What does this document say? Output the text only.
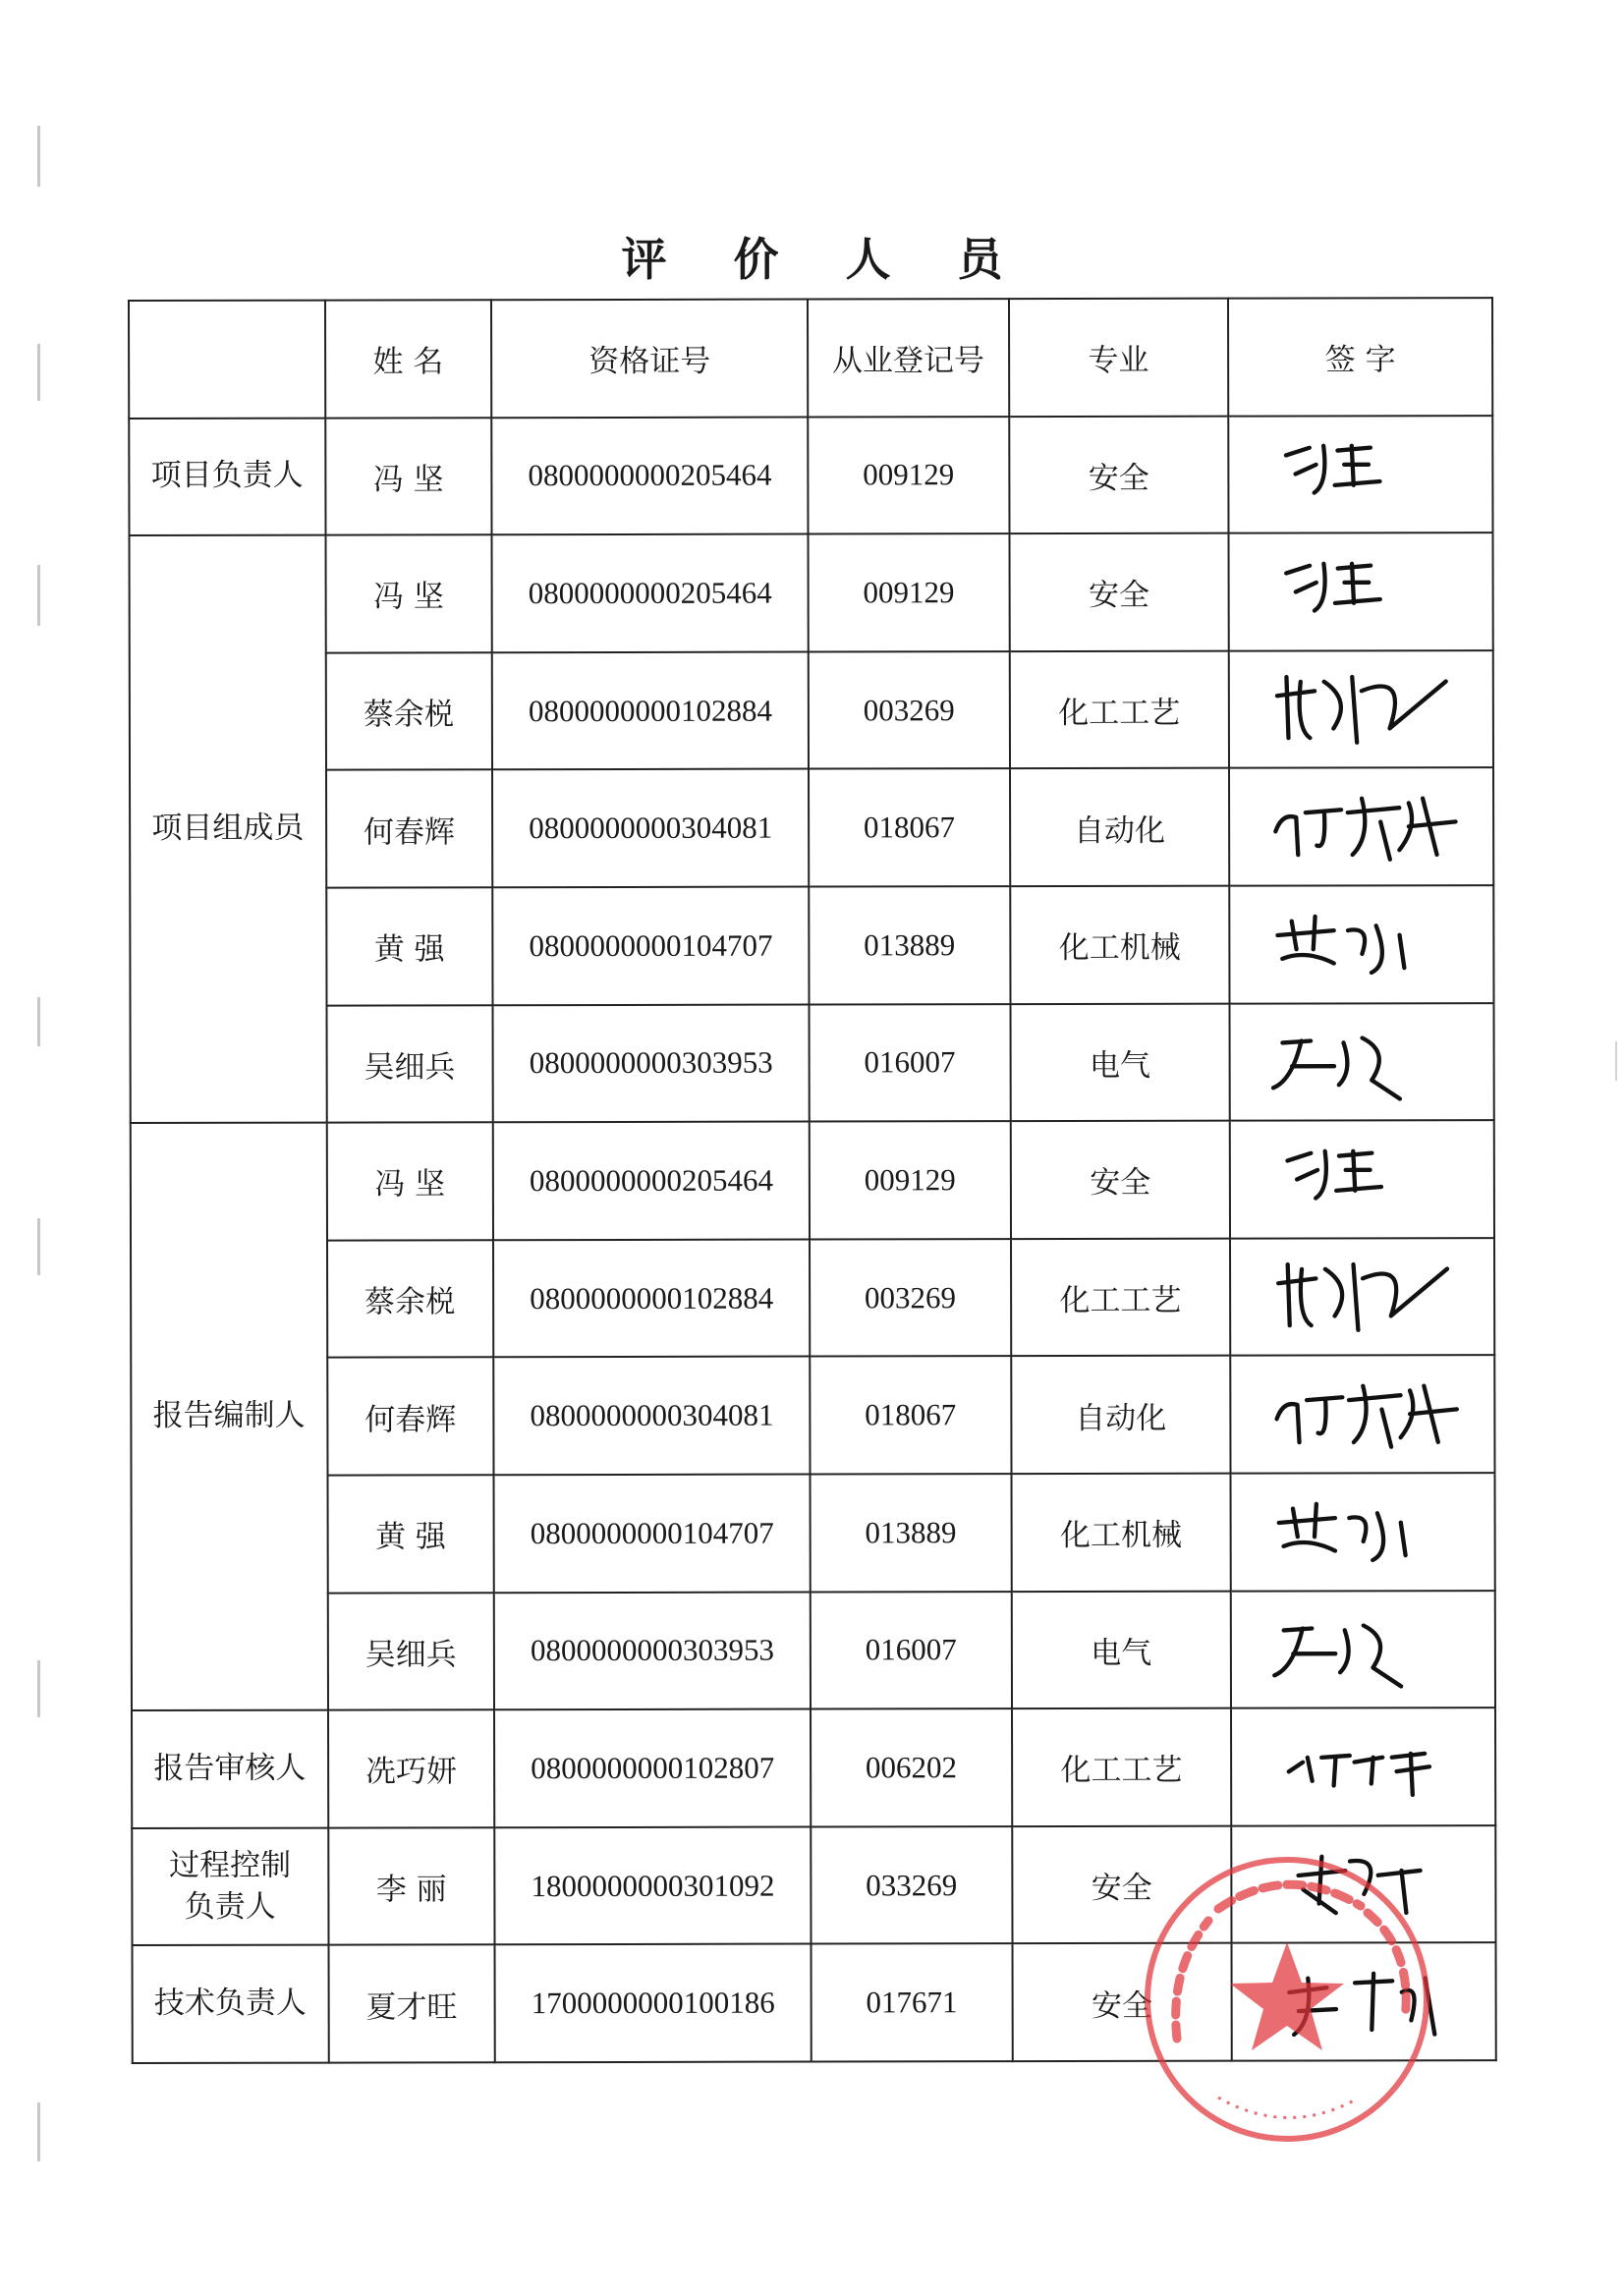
评 价 人 员
	姓 名	资格证号	从业登记号	专业	签 字
项目负责人	冯 坚	0800000000205464	009129	安全	

项目组成员	冯 坚	0800000000205464	009129	安全	

	蔡余棁	0800000000102884	003269	化工工艺	

	何春辉	0800000000304081	018067	自动化	

	黄 强	0800000000104707	013889	化工机械	

	吴细兵	0800000000303953	016007	电气	

报告编制人	冯 坚	0800000000205464	009129	安全	

	蔡余棁	0800000000102884	003269	化工工艺	

	何春辉	0800000000304081	018067	自动化	

	黄 强	0800000000104707	013889	化工机械	

	吴细兵	0800000000303953	016007	电气	

报告审核人	冼巧妍	0800000000102807	006202	化工工艺	

过程控制
负责人	李 丽	1800000000301092	033269	安全	

技术负责人	夏才旺	1700000000100186	017671	安全	
